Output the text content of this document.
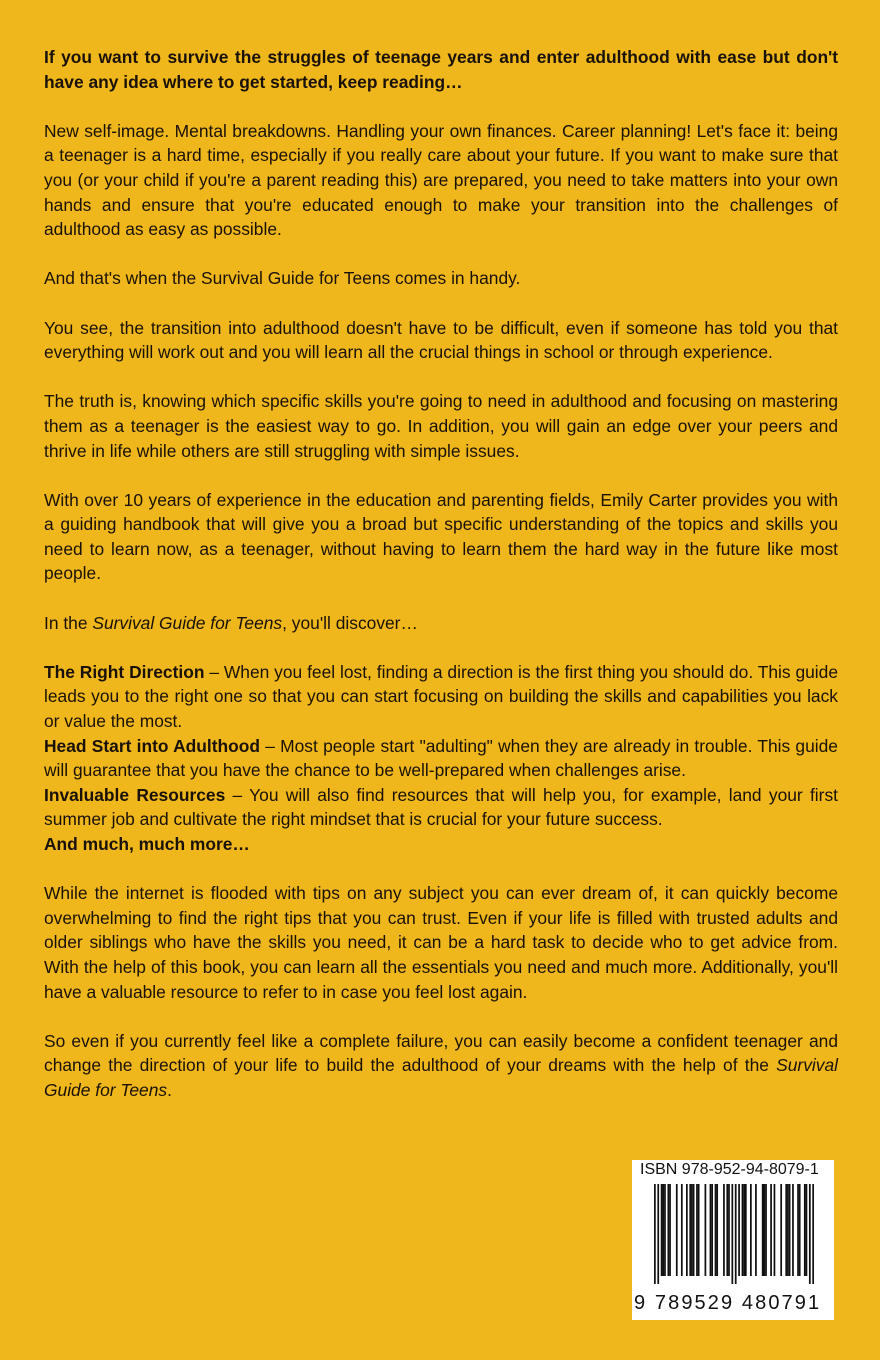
If you want to survive the struggles of teenage years and enter adulthood with ease but don't have any idea where to get started, keep reading…

New self-image. Mental breakdowns. Handling your own finances. Career planning! Let's face it: being a teenager is a hard time, especially if you really care about your future. If you want to make sure that you (or your child if you're a parent reading this) are prepared, you need to take matters into your own hands and ensure that you're educated enough to make your transition into the challenges of adulthood as easy as possible.

And that's when the Survival Guide for Teens comes in handy.

You see, the transition into adulthood doesn't have to be difficult, even if someone has told you that everything will work out and you will learn all the crucial things in school or through experience.

The truth is, knowing which specific skills you're going to need in adulthood and focusing on mastering them as a teenager is the easiest way to go. In addition, you will gain an edge over your peers and thrive in life while others are still struggling with simple issues.

With over 10 years of experience in the education and parenting fields, Emily Carter provides you with a guiding handbook that will give you a broad but specific understanding of the topics and skills you need to learn now, as a teenager, without having to learn them the hard way in the future like most people.

In the Survival Guide for Teens, you'll discover…

The Right Direction – When you feel lost, finding a direction is the first thing you should do. This guide leads you to the right one so that you can start focusing on building the skills and capabilities you lack or value the most.

Head Start into Adulthood – Most people start "adulting" when they are already in trouble. This guide will guarantee that you have the chance to be well-prepared when challenges arise.

Invaluable Resources – You will also find resources that will help you, for example, land your first summer job and cultivate the right mindset that is crucial for your future success.

And much, much more…

While the internet is flooded with tips on any subject you can ever dream of, it can quickly become overwhelming to find the right tips that you can trust. Even if your life is filled with trusted adults and older siblings who have the skills you need, it can be a hard task to decide who to get advice from. With the help of this book, you can learn all the essentials you need and much more. Additionally, you'll have a valuable resource to refer to in case you feel lost again.

So even if you currently feel like a complete failure, you can easily become a confident teenager and change the direction of your life to build the adulthood of your dreams with the help of the Survival Guide for Teens.

ISBN 978-952-94-8079-1
9 789529 480791
